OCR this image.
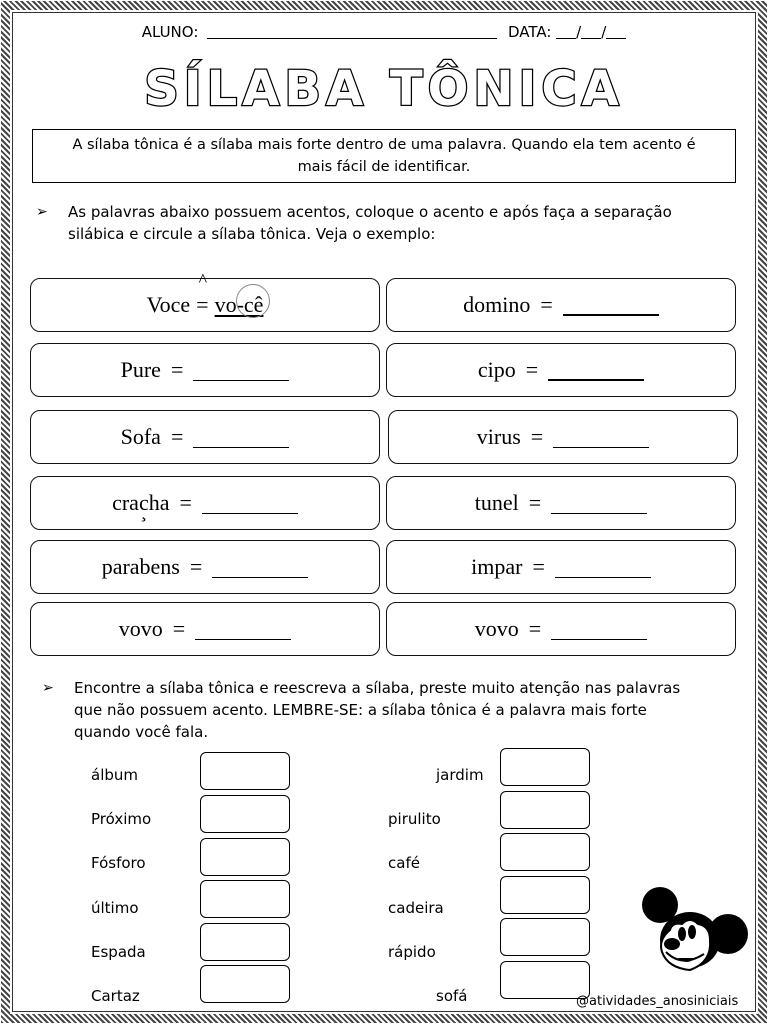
ALUNO:	DATA: / /
SÍLABA TÔNICA
A sílaba tônica é a sílaba mais forte dentro de uma palavra. Quando ela tem acento é
mais fácil de identificar.
➢ As palavras abaixo possuem acentos, coloque o acento e após faça a separação
silábica e circule a sílaba tônica. Veja o exemplo:
Voce
^
= vo-cê
Pure =
Sofa =
cracha =
parabens =
vovo =
domino =
cipo =
virus =
tunel =
impar =
vovo =
➢ Encontre a sílaba tônica e reescreva a sílaba, preste muito atenção nas palavras
que não possuem acento. LEMBRE-SE: a sílaba tônica é a palavra mais forte
quando você fala.
álbum
Próximo
Fósforo
último
Espada
Cartaz
jardim
pirulito
café
cadeira
rápido
sofá	@atividades_anosiniciais
